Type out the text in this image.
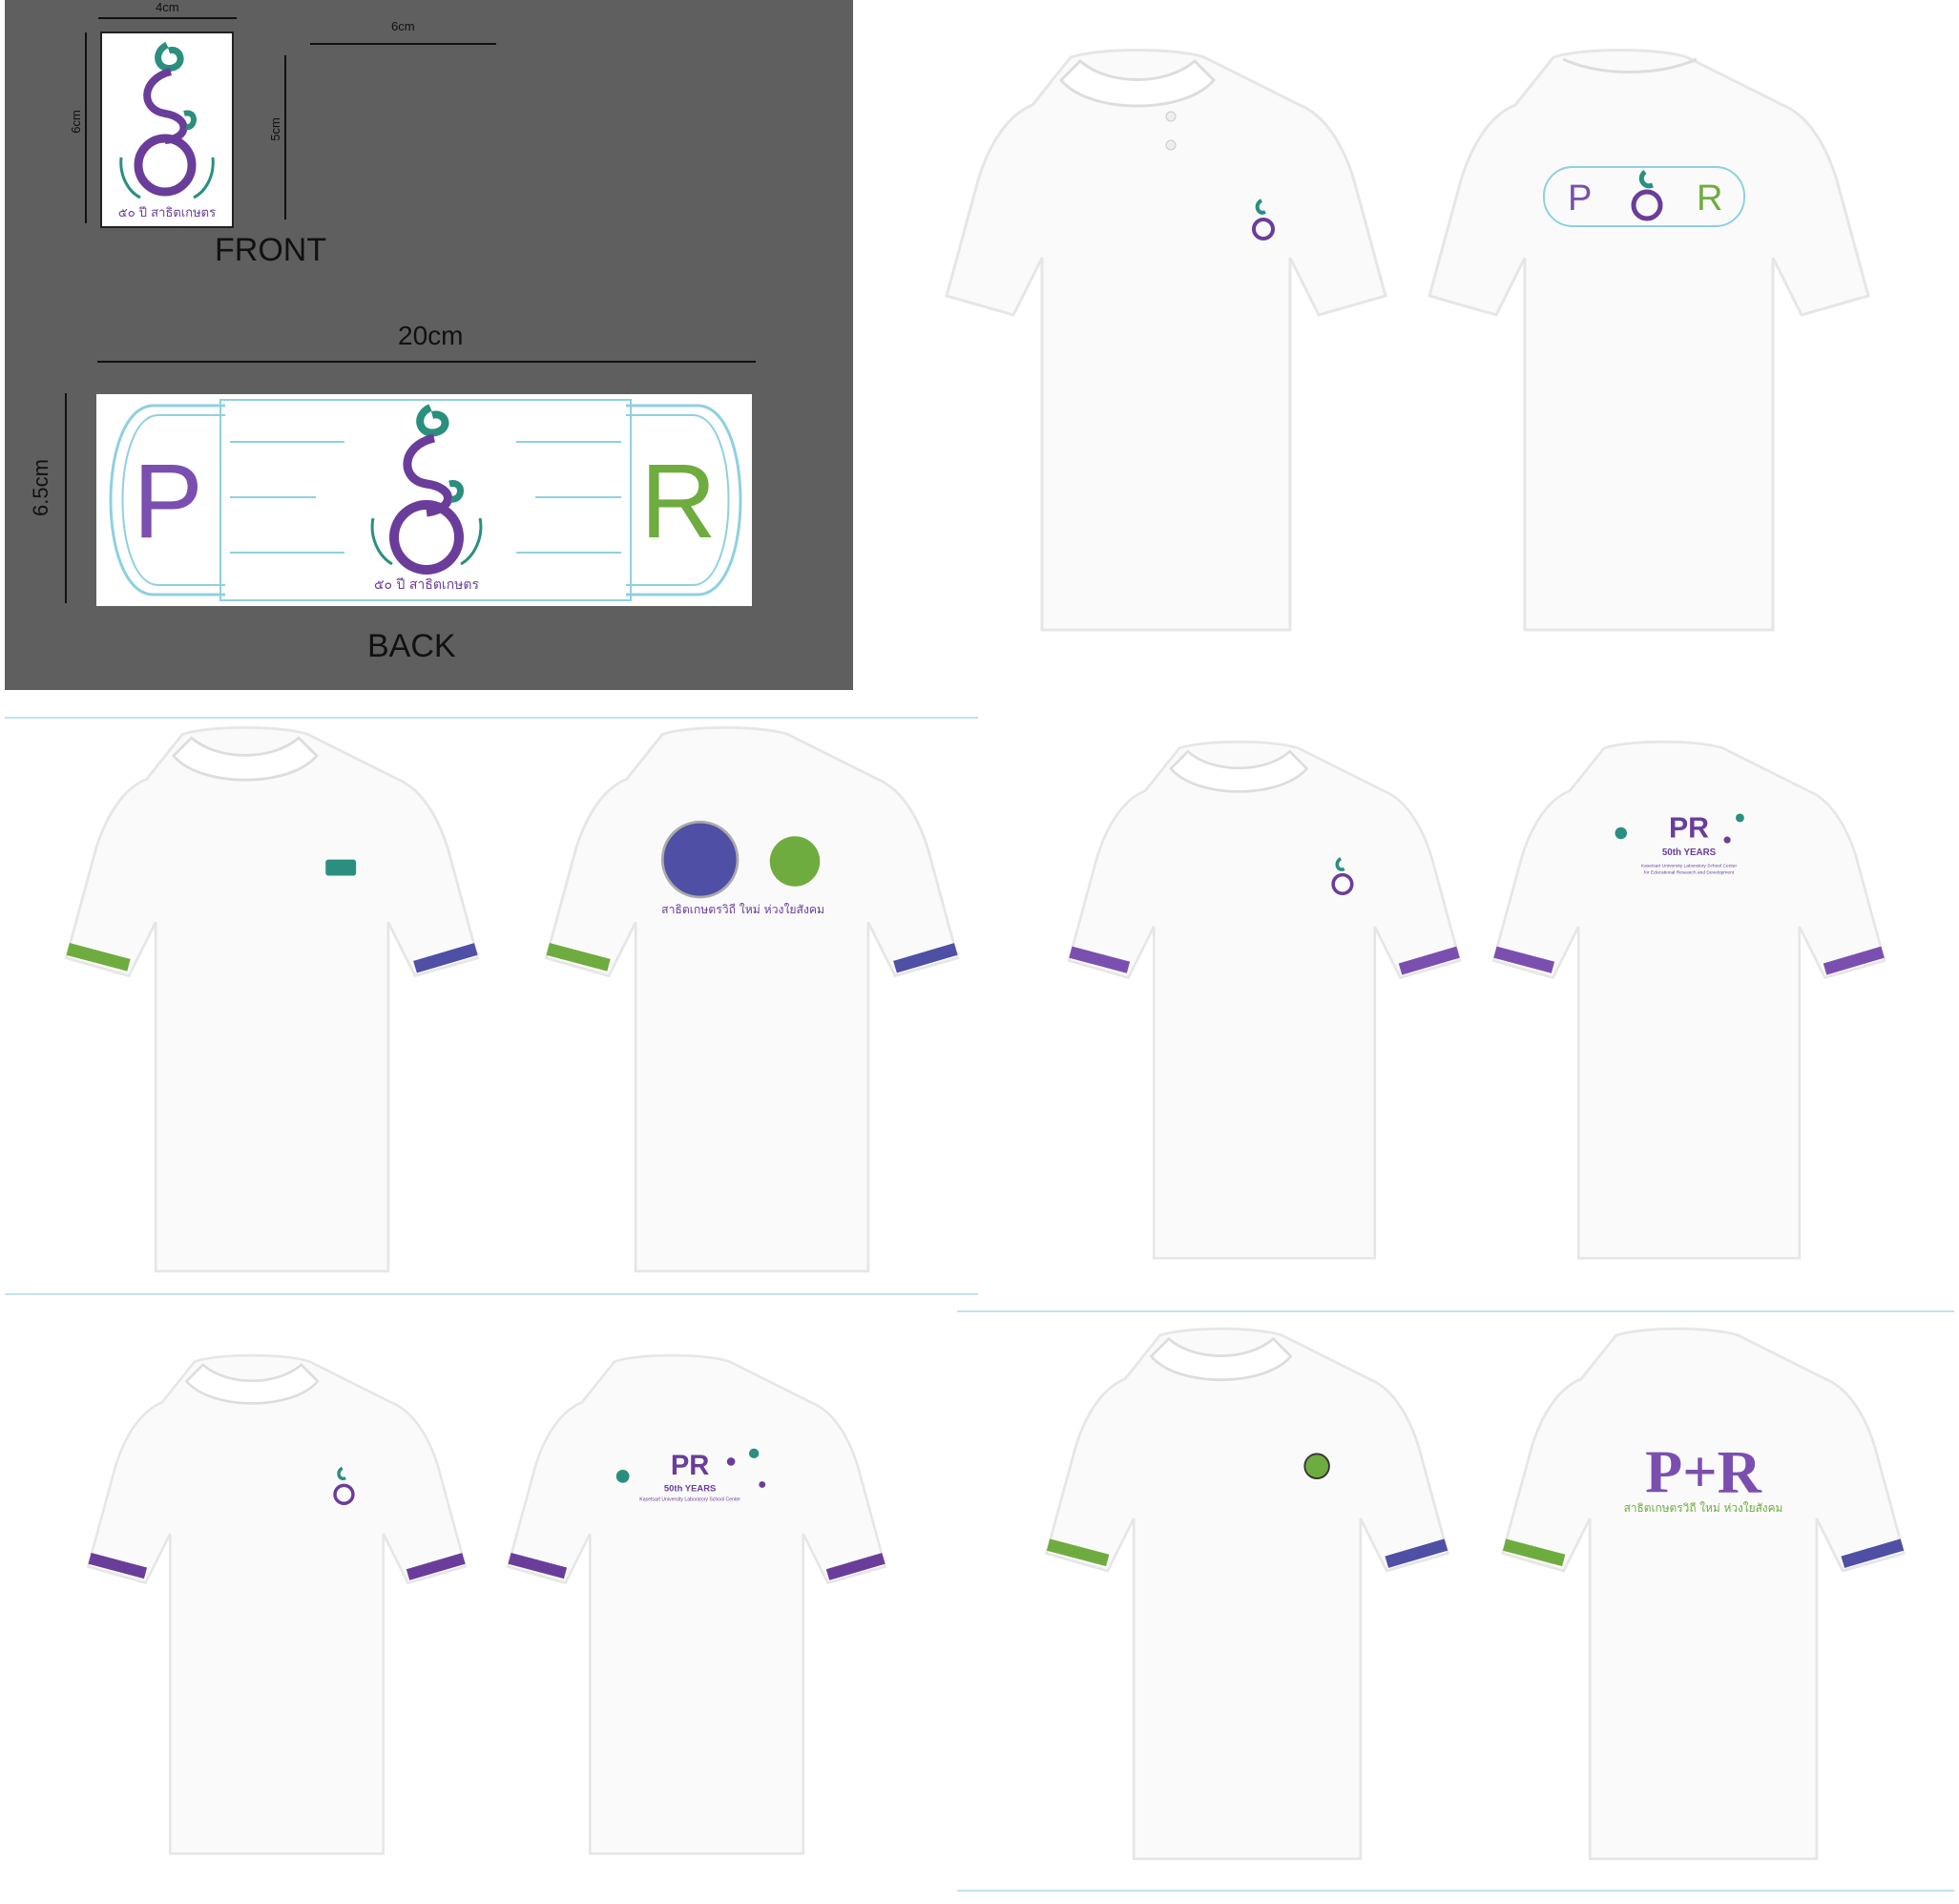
4cm
6cm
6cm
5cm
๕๐ ปี สาธิตเกษตร
FRONT
20cm
6.5cm P	R
๕๐ ปี สาธิตเกษตร
BACK
P	R
สาธิตเกษตรวิถี ใหม่ ห่วงใยสังคม
PR
50th YEARS
Kasetsart University Laboratory School Center
for Educational Research and Development
PR
50th YEARS
Kasetsart University Laboratory School Center	P+R
สาธิตเกษตรวิถี ใหม่ ห่วงใยสังคม
